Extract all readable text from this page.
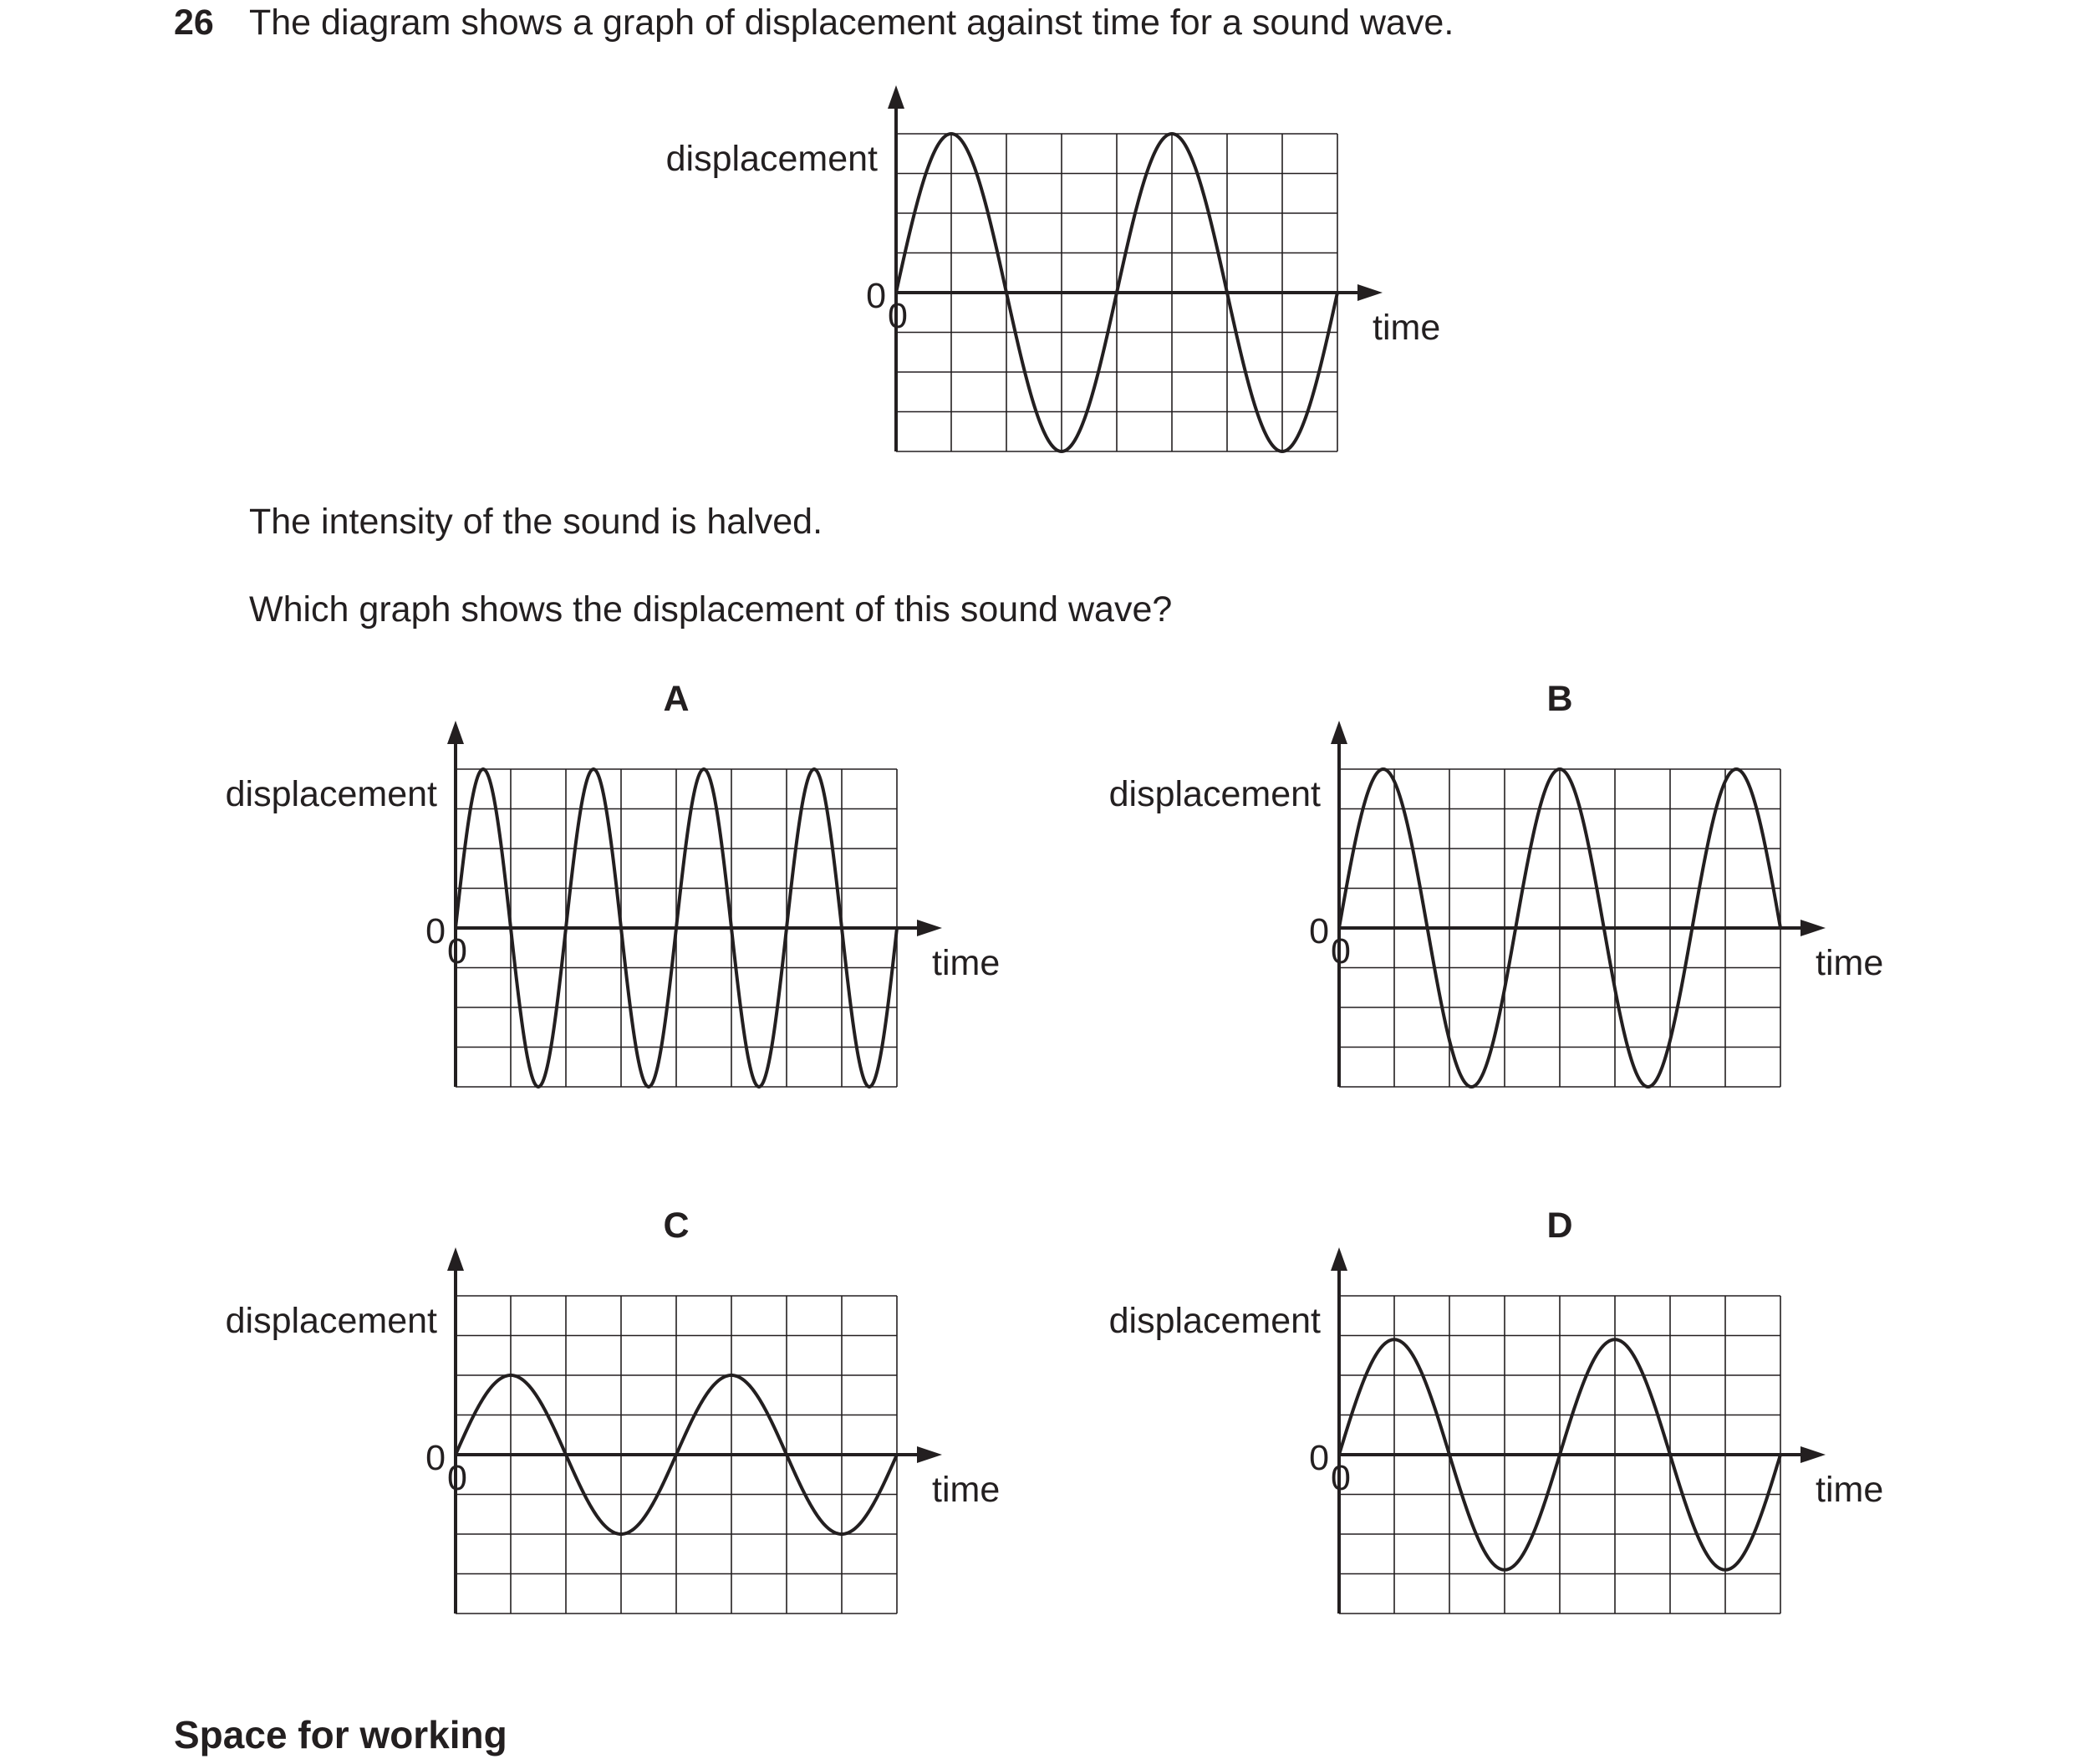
26 The diagram shows a graph of displacement against time for a sound wave.
The intensity of the sound is halved.
Which graph shows the displacement of this sound wave?
Space for working
displacement
0 0	time
displacement
0 0	time
A
displacement
0 0	time
B
displacement
0 0	time
C
displacement
0 0	time
D
